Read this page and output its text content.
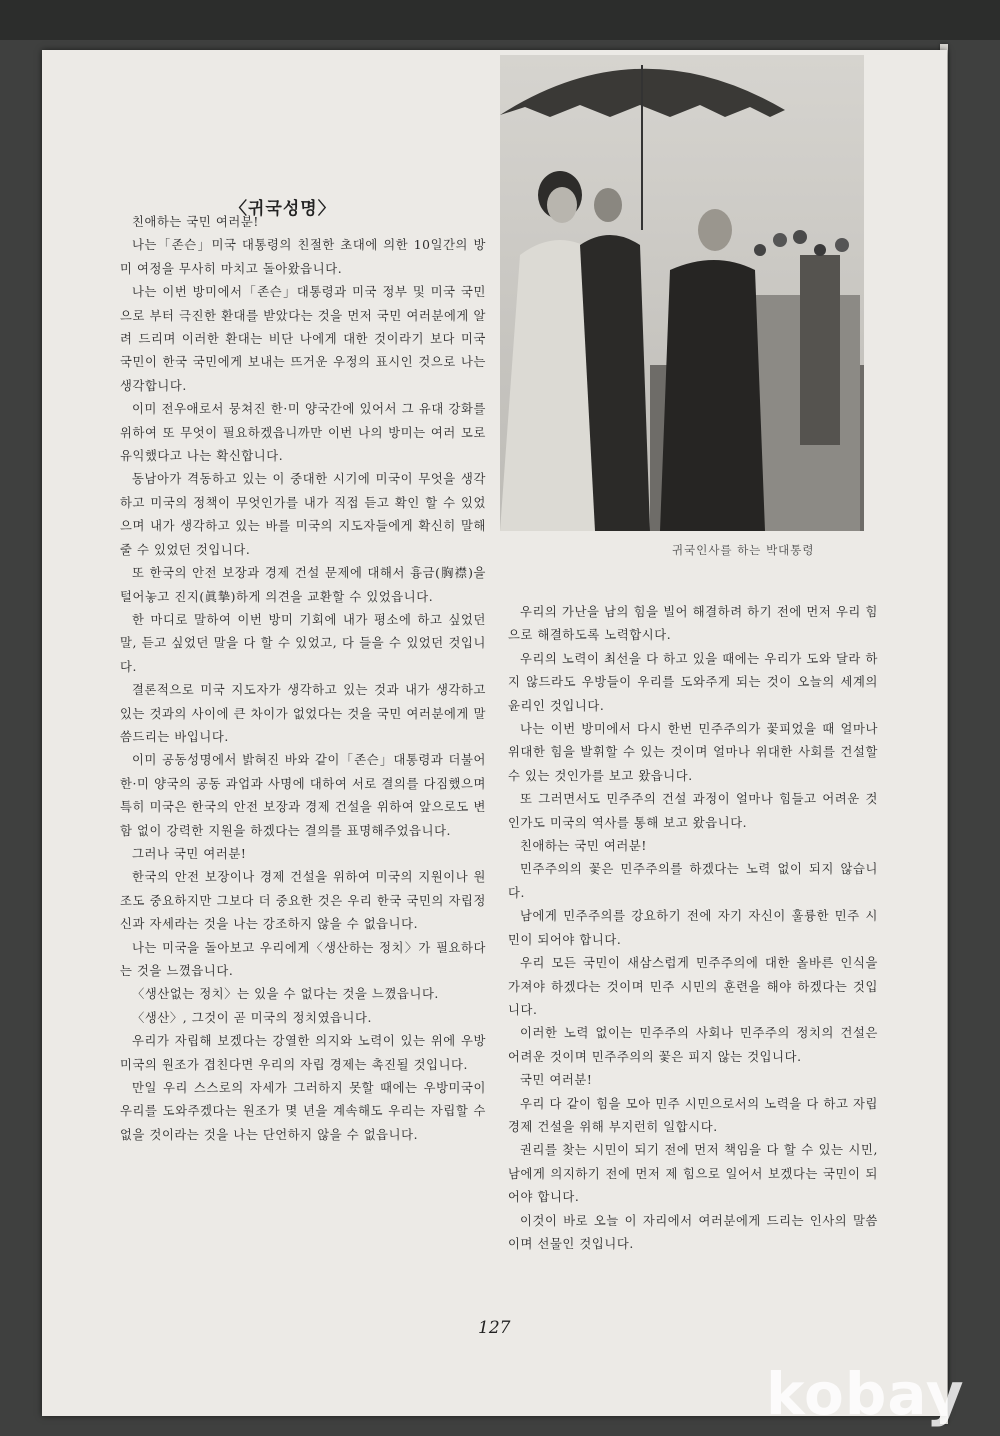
〈귀국성명〉

친애하는 국민 여러분!

나는「존슨」미국 대통령의 친절한 초대에 의한 10일간의 방미 여정을 무사히 마치고 돌아왔읍니다.

나는 이번 방미에서「존슨」대통령과 미국 정부 및 미국 국민으로 부터 극진한 환대를 받았다는 것을 먼저 국민 여러분에게 알려 드리며 이러한 환대는 비단 나에게 대한 것이라기 보다 미국 국민이 한국 국민에게 보내는 뜨거운 우정의 표시인 것으로 나는 생각합니다.

이미 전우애로서 뭉쳐진 한·미 양국간에 있어서 그 유대 강화를 위하여 또 무엇이 필요하겠읍니까만 이번 나의 방미는 여러 모로 유익했다고 나는 확신합니다.

동남아가 격동하고 있는 이 중대한 시기에 미국이 무엇을 생각하고 미국의 정책이 무엇인가를 내가 직접 듣고 확인 할 수 있었으며 내가 생각하고 있는 바를 미국의 지도자들에게 확신히 말해줄 수 있었던 것입니다.

또 한국의 안전 보장과 경제 건설 문제에 대해서 흉금(胸襟)을 털어놓고 진지(眞摯)하게 의견을 교환할 수 있었읍니다.

한 마디로 말하여 이번 방미 기회에 내가 평소에 하고 싶었던 말, 듣고 싶었던 말을 다 할 수 있었고, 다 들을 수 있었던 것입니다.

결론적으로 미국 지도자가 생각하고 있는 것과 내가 생각하고 있는 것과의 사이에 큰 차이가 없었다는 것을 국민 여러분에게 말씀드리는 바입니다.

이미 공동성명에서 밝혀진 바와 같이「존슨」대통령과 더불어 한·미 양국의 공동 과업과 사명에 대하여 서로 결의를 다짐했으며 특히 미국은 한국의 안전 보장과 경제 건설을 위하여 앞으로도 변함 없이 강력한 지원을 하겠다는 결의를 표명해주었읍니다.

그러나 국민 여러분!

한국의 안전 보장이나 경제 건설을 위하여 미국의 지원이나 원조도 중요하지만 그보다 더 중요한 것은 우리 한국 국민의 자립정신과 자세라는 것을 나는 강조하지 않을 수 없읍니다.

나는 미국을 돌아보고 우리에게〈생산하는 정치〉가 필요하다는 것을 느꼈읍니다.

〈생산없는 정치〉는 있을 수 없다는 것을 느꼈읍니다.

〈생산〉, 그것이 곧 미국의 정치였읍니다.

우리가 자립해 보겠다는 강열한 의지와 노력이 있는 위에 우방 미국의 원조가 겹친다면 우리의 자립 경제는 촉진될 것입니다.

만일 우리 스스로의 자세가 그러하지 못할 때에는 우방미국이 우리를 도와주겠다는 원조가 몇 년을 계속해도 우리는 자립할 수 없을 것이라는 것을 나는 단언하지 않을 수 없읍니다.

귀국인사를 하는 박대통령

우리의 가난을 남의 힘을 빌어 해결하려 하기 전에 먼저 우리 힘으로 해결하도록 노력합시다.

우리의 노력이 최선을 다 하고 있을 때에는 우리가 도와 달라 하지 않드라도 우방들이 우리를 도와주게 되는 것이 오늘의 세계의 윤리인 것입니다.

나는 이번 방미에서 다시 한번 민주주의가 꽃피었을 때 얼마나 위대한 힘을 발휘할 수 있는 것이며 얼마나 위대한 사회를 건설할 수 있는 것인가를 보고 왔읍니다.

또 그러면서도 민주주의 건설 과정이 얼마나 힘들고 어려운 것인가도 미국의 역사를 통해 보고 왔읍니다.

친애하는 국민 여러분!

민주주의의 꽃은 민주주의를 하겠다는 노력 없이 되지 않습니다.

남에게 민주주의를 강요하기 전에 자기 자신이 훌륭한 민주 시민이 되어야 합니다.

우리 모든 국민이 새삼스럽게 민주주의에 대한 올바른 인식을 가져야 하겠다는 것이며 민주 시민의 훈련을 해야 하겠다는 것입니다.

이러한 노력 없이는 민주주의 사회나 민주주의 정치의 건설은 어려운 것이며 민주주의의 꽃은 피지 않는 것입니다.

국민 여러분!

우리 다 같이 힘을 모아 민주 시민으로서의 노력을 다 하고 자립 경제 건설을 위해 부지런히 일합시다.

권리를 찾는 시민이 되기 전에 먼저 책임을 다 할 수 있는 시민, 남에게 의지하기 전에 먼저 제 힘으로 일어서 보겠다는 국민이 되어야 합니다.

이것이 바로 오늘 이 자리에서 여러분에게 드리는 인사의 말씀이며 선물인 것입니다.

127
kobay
